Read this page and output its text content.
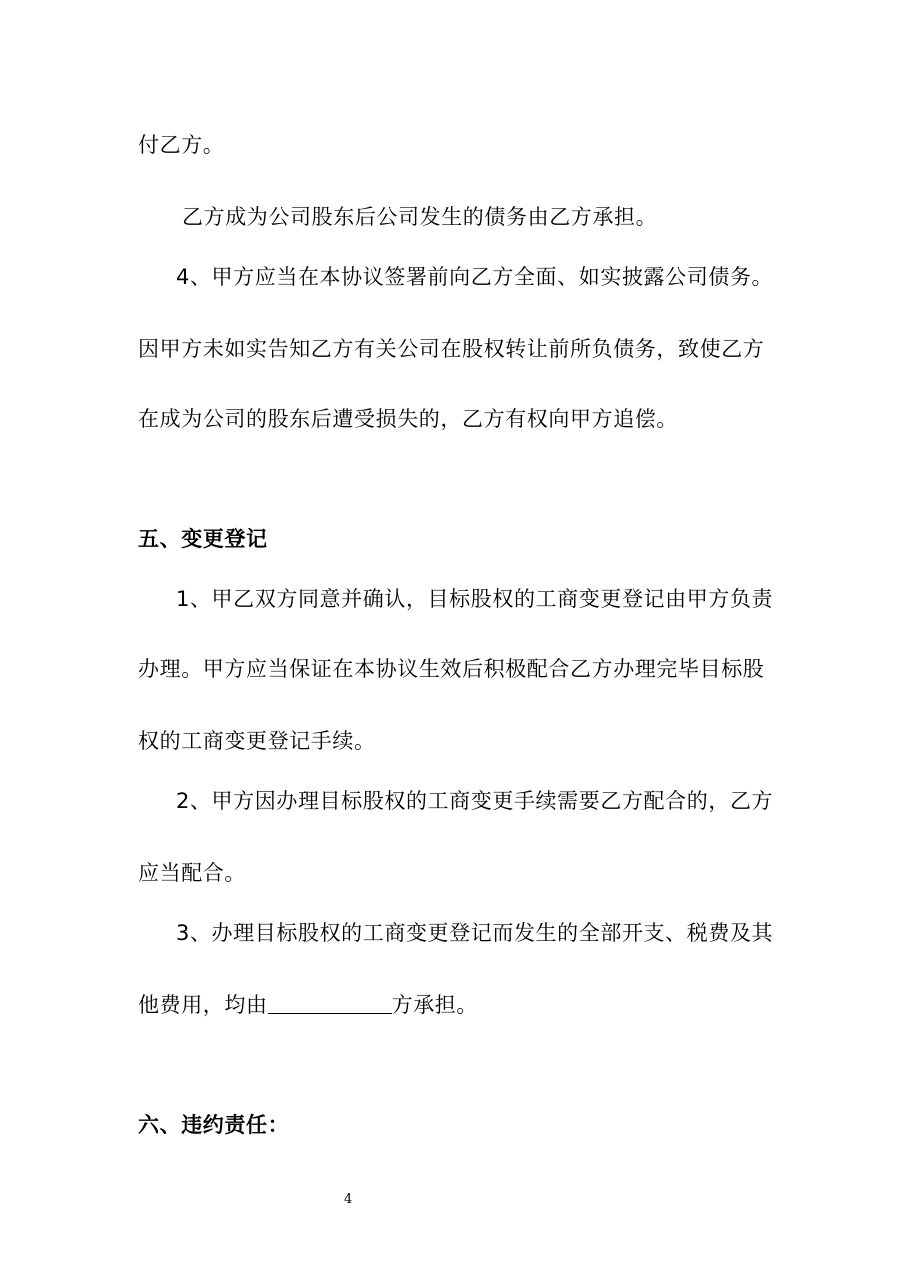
付乙方。
乙方成为公司股东后公司发生的债务由乙方承担。
4、甲方应当在本协议签署前向乙方全面、如实披露公司债务。
因甲方未如实告知乙方有关公司在股权转让前所负债务，致使乙方
在成为公司的股东后遭受损失的，乙方有权向甲方追偿。
五、变更登记
1、甲乙双方同意并确认，目标股权的工商变更登记由甲方负责
办理。甲方应当保证在本协议生效后积极配合乙方办理完毕目标股
权的工商变更登记手续。
2、甲方因办理目标股权的工商变更手续需要乙方配合的，乙方
应当配合。
3、办理目标股权的工商变更登记而发生的全部开支、税费及其
他费用，均由	方承担。
六、违约责任：
4
